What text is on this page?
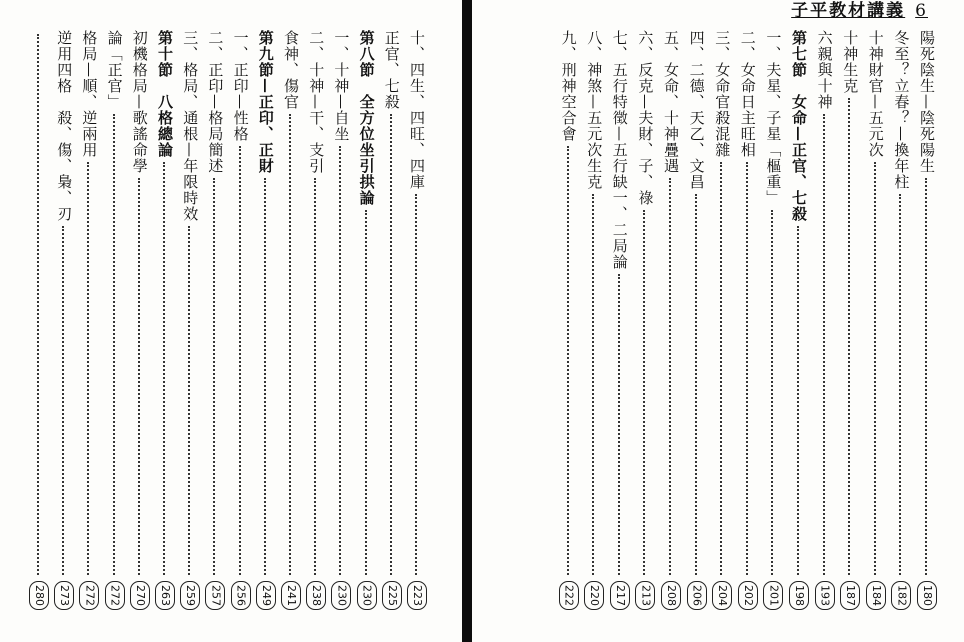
十、四生、四旺、四庫
223
正官、七殺
225
第八節　全方位坐引拱論
230
一、十神—自坐
230
二、十神—干、支引
238
食神、傷官
241
第九節—正印、正財
249
一、正印—性格
256
二、正印—格局簡述
257
三、格局、通根—年限時效
259
第十節　八格總論
263
初機格局—歌謠命學
270
論「正官」
272
格局—順、逆兩用
272
逆用四格　殺、傷、梟、刃
273
280
子平教材講義 6
陽死陰生—陰死陽生
180
冬至？立春？—換年柱
182
十神財官—五元次
184
十神生克
187
六親與十神
193
第七節　女命—正官、七殺
198
一、夫星、子星「樞重」
201
二、女命日主旺相
202
三、女命官殺混雜
204
四、二德、天乙、文昌
206
五、女命、十神疊遇
208
六、反克—夫財、子、祿
213
七、五行特徵—五行缺一、二局論
217
八、神煞—五元次生克
220
九、刑神空合會
222
